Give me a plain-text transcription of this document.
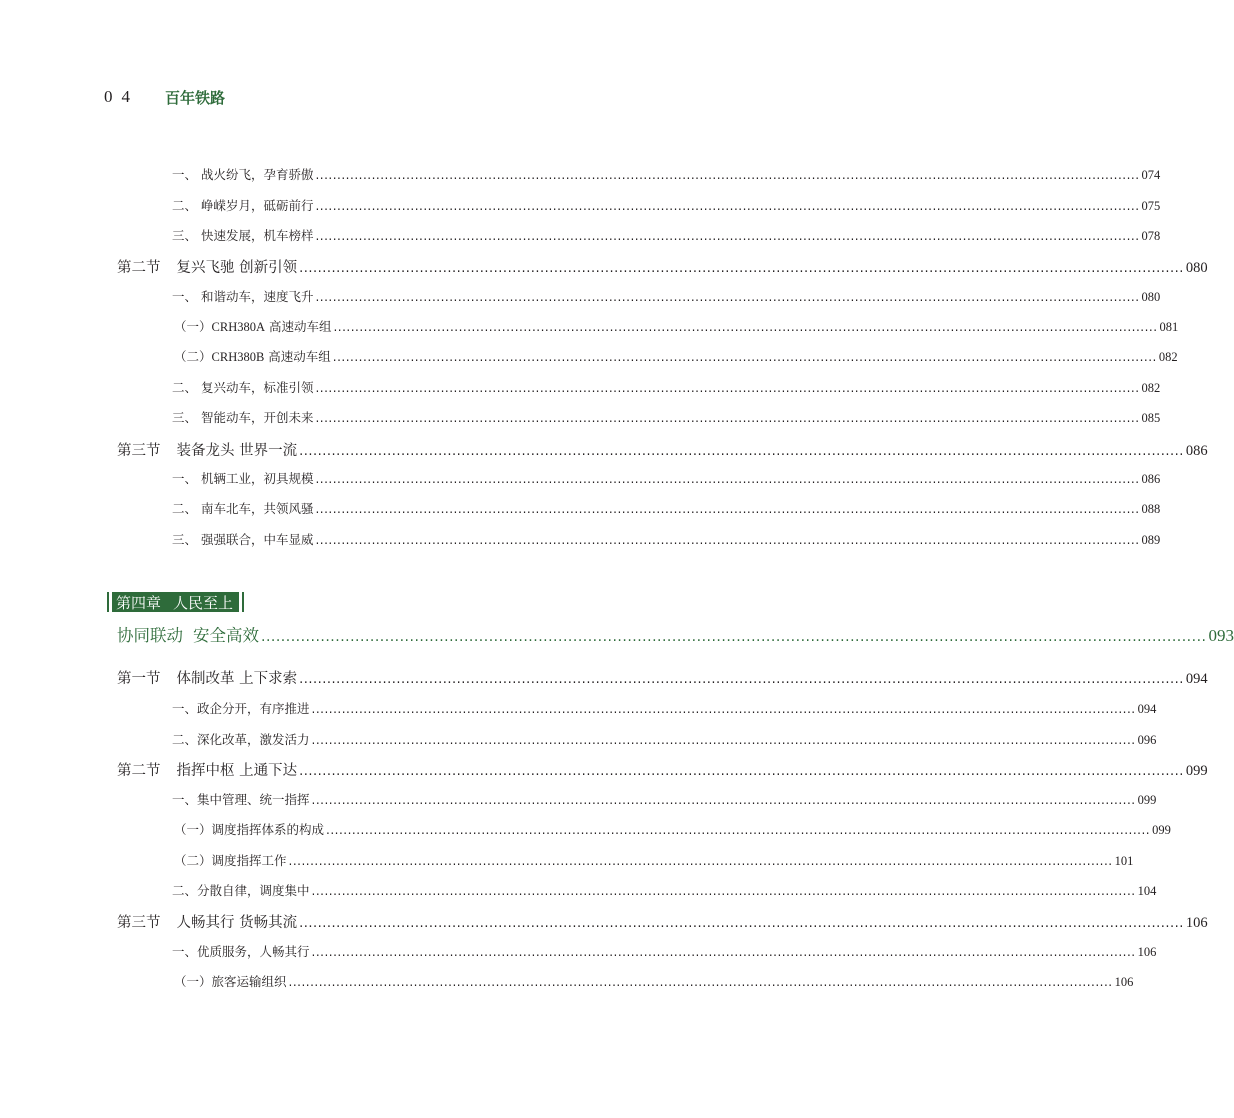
04 百年铁路
一、 战火纷飞，孕育骄傲 ............................................................................................................................................................................................... 074
二、 峥嵘岁月，砥砺前行 ............................................................................................................................................................................................... 075
三、 快速发展，机车榜样 ............................................................................................................................................................................................... 078
第二节 复兴飞驰 创新引领 ............................................................................................................................................................................................... 080
一、 和谐动车，速度飞升 ............................................................................................................................................................................................... 080
（一）CRH380A 高速动车组 ............................................................................................................................................................................................... 081
（二）CRH380B 高速动车组 ............................................................................................................................................................................................... 082
二、 复兴动车，标准引领 ............................................................................................................................................................................................... 082
三、 智能动车，开创未来 ............................................................................................................................................................................................... 085
第三节 装备龙头 世界一流 ............................................................................................................................................................................................... 086
一、 机辆工业，初具规模 ............................................................................................................................................................................................... 086
二、 南车北车，共领风骚 ............................................................................................................................................................................................... 088
三、 强强联合，中车显威 ............................................................................................................................................................................................... 089
第四章 人民至上
协同联动 安全高效 ............................................................................................................................................................................................... 093
第一节 体制改革 上下求索 ............................................................................................................................................................................................... 094
一、政企分开，有序推进 ............................................................................................................................................................................................... 094
二、深化改革，激发活力 ............................................................................................................................................................................................... 096
第二节 指挥中枢 上通下达 ............................................................................................................................................................................................... 099
一、集中管理、统一指挥 ............................................................................................................................................................................................... 099
（一）调度指挥体系的构成 ............................................................................................................................................................................................... 099
（二）调度指挥工作 ............................................................................................................................................................................................... 101
二、分散自律，调度集中 ............................................................................................................................................................................................... 104
第三节 人畅其行 货畅其流 ............................................................................................................................................................................................... 106
一、优质服务，人畅其行 ............................................................................................................................................................................................... 106
（一）旅客运输组织 ............................................................................................................................................................................................... 106
